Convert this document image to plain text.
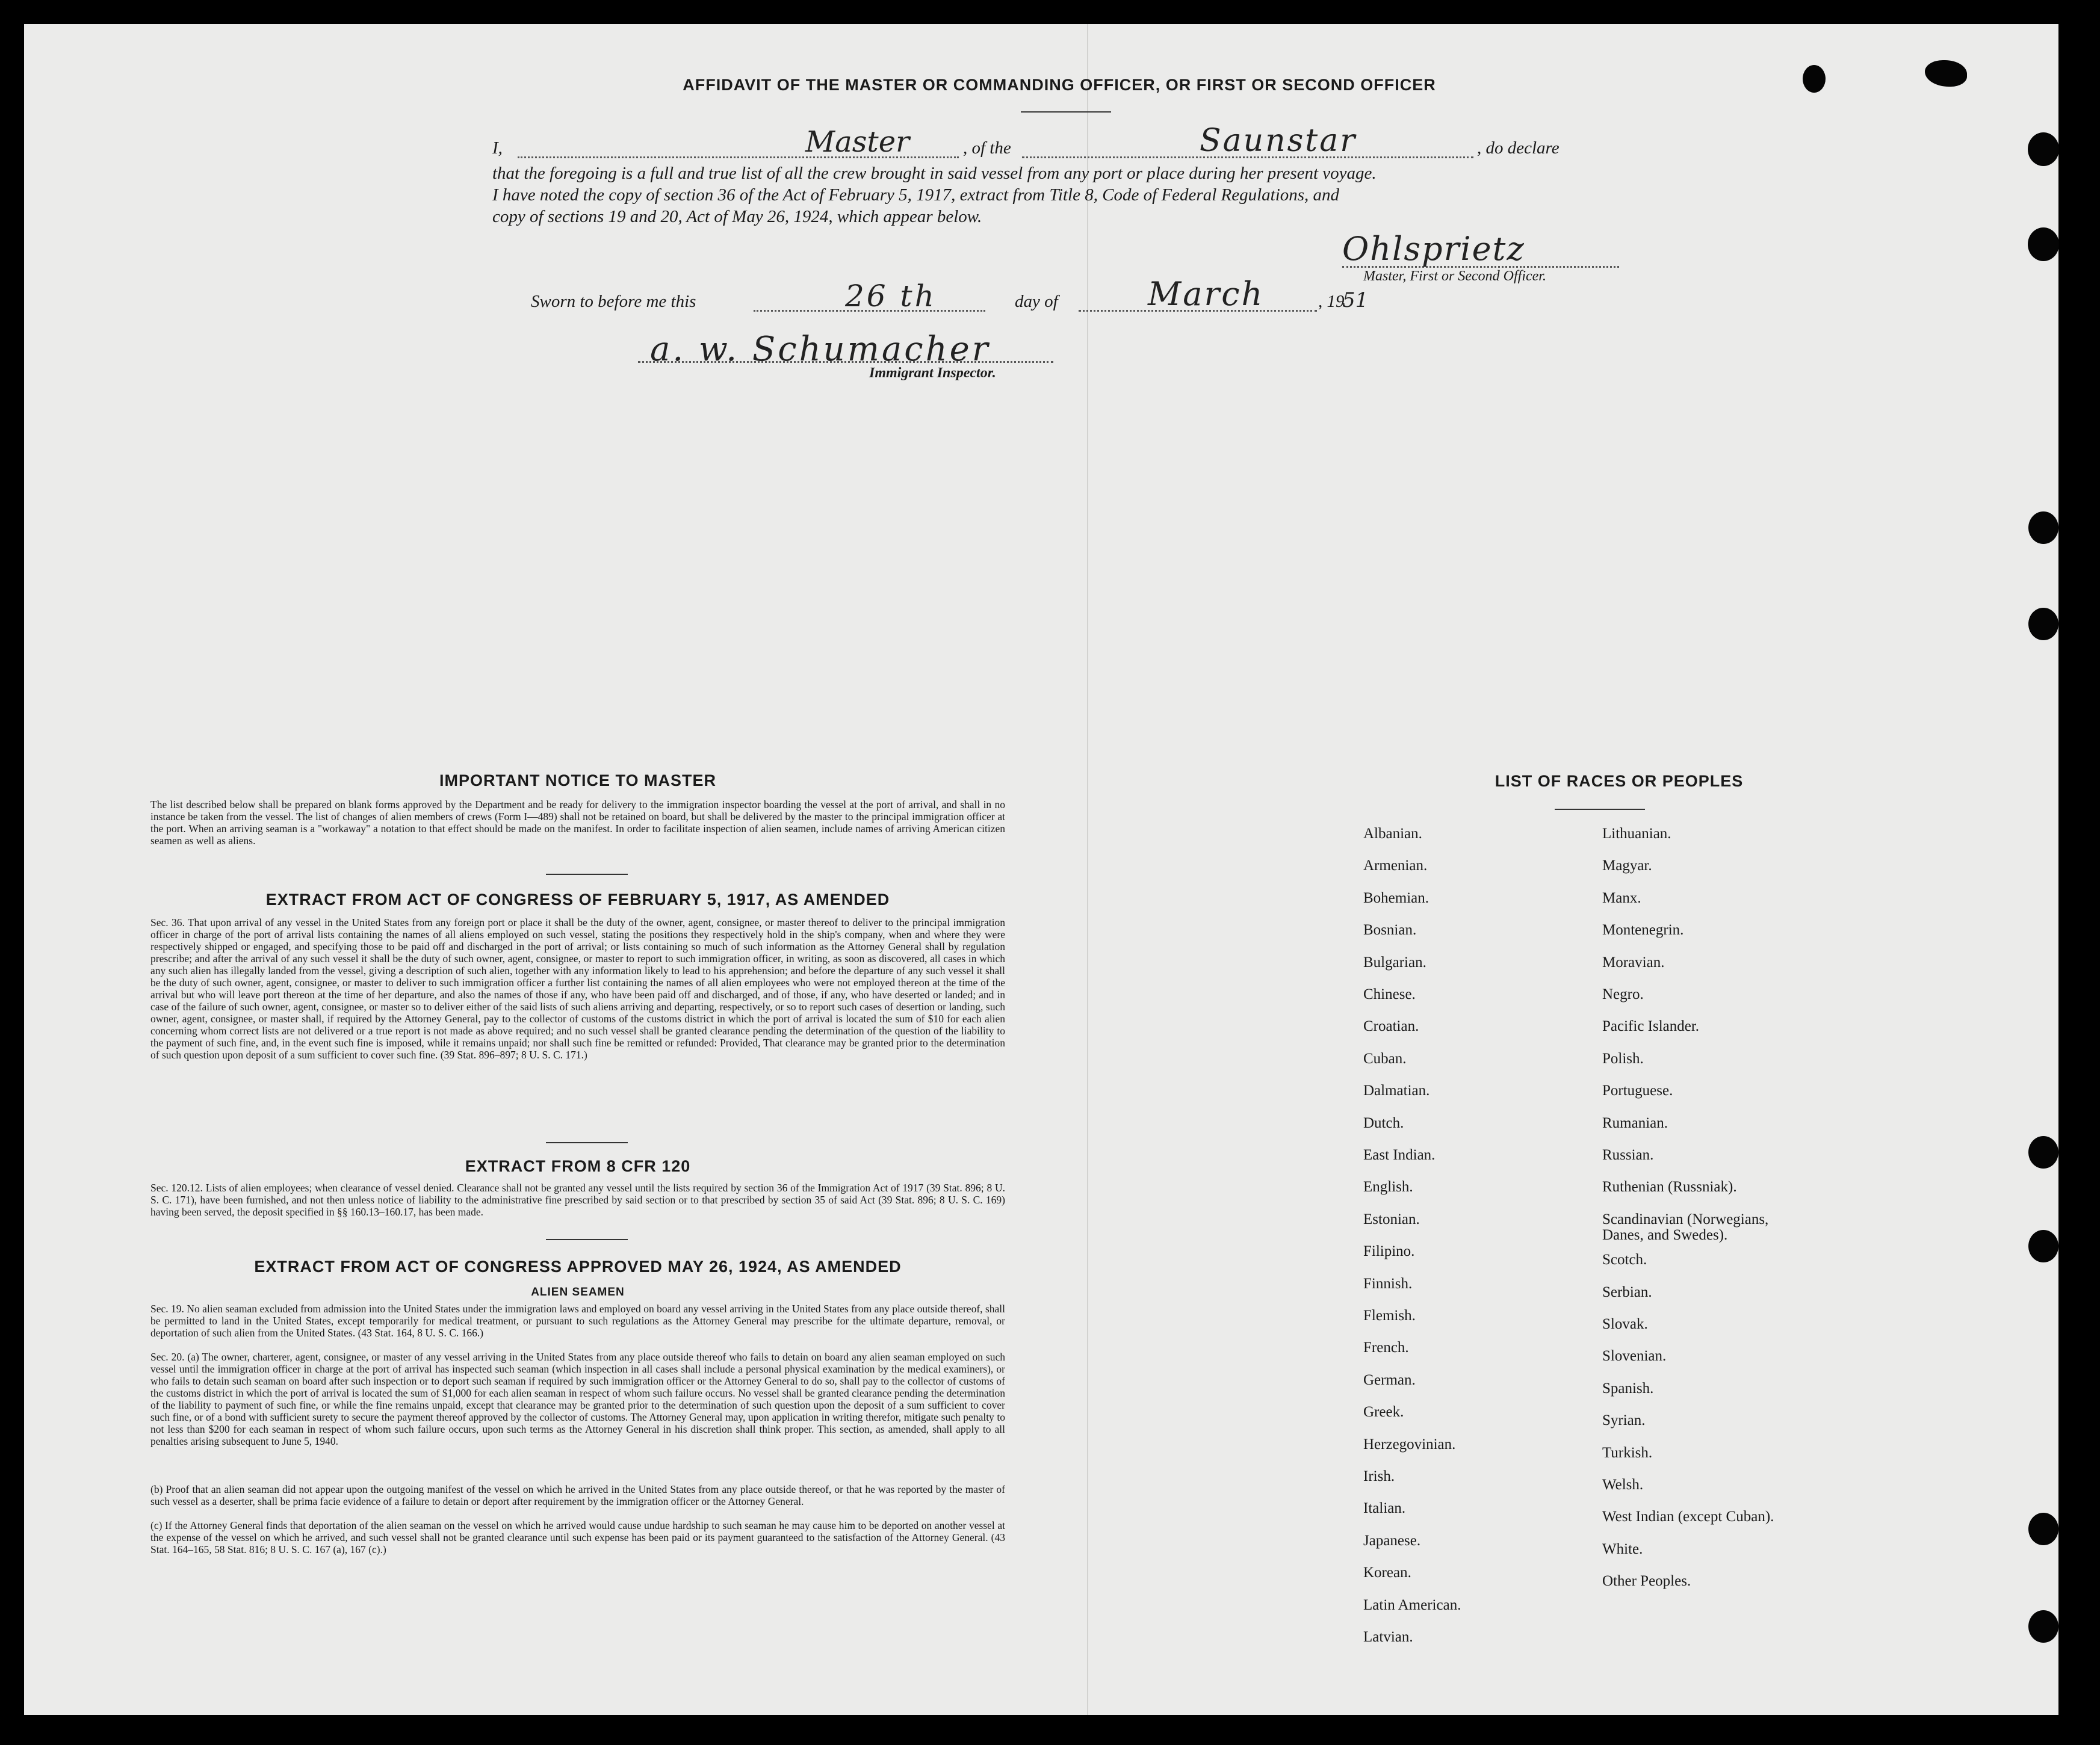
AFFIDAVIT OF THE MASTER OR COMMANDING OFFICER, OR FIRST OR SECOND OFFICER
I,	Master	, of the	Saunstar	, do declare
that the foregoing is a full and true list of all the crew brought in said vessel from any port or place during her present voyage.
I have noted the copy of section 36 of the Act of February 5, 1917, extract from Title 8, Code of Federal Regulations, and
copy of sections 19 and 20, Act of May 26, 1924, which appear below.
Ohlsprietz
Master, First or Second Officer.
Sworn to before me this	26 th	day of	March	, 19
51
a. w. Schumacher
Immigrant Inspector.
IMPORTANT NOTICE TO MASTER
The list described below shall be prepared on blank forms approved by the Department and be ready for delivery to the immigration inspector boarding the vessel at the port of arrival, and shall in no instance be taken from the vessel. The list of changes of alien members of crews (Form I—489) shall not be retained on board, but shall be delivered by the master to the principal immigration officer at the port. When an arriving seaman is a "workaway" a notation to that effect should be made on the manifest. In order to facilitate inspection of alien seamen, include names of arriving American citizen seamen as well as aliens.
EXTRACT FROM ACT OF CONGRESS OF FEBRUARY 5, 1917, AS AMENDED
Sec. 36. That upon arrival of any vessel in the United States from any foreign port or place it shall be the duty of the owner, agent, consignee, or master thereof to deliver to the principal immigration officer in charge of the port of arrival lists containing the names of all aliens employed on such vessel, stating the positions they respectively hold in the ship's company, when and where they were respectively shipped or engaged, and specifying those to be paid off and discharged in the port of arrival; or lists containing so much of such information as the Attorney General shall by regulation prescribe; and after the arrival of any such vessel it shall be the duty of such owner, agent, consignee, or master to report to such immigration officer, in writing, as soon as discovered, all cases in which any such alien has illegally landed from the vessel, giving a description of such alien, together with any information likely to lead to his apprehension; and before the departure of any such vessel it shall be the duty of such owner, agent, consignee, or master to deliver to such immigration officer a further list containing the names of all alien employees who were not employed thereon at the time of the arrival but who will leave port thereon at the time of her departure, and also the names of those if any, who have been paid off and discharged, and of those, if any, who have deserted or landed; and in case of the failure of such owner, agent, consignee, or master so to deliver either of the said lists of such aliens arriving and departing, respectively, or so to report such cases of desertion or landing, such owner, agent, consignee, or master shall, if required by the Attorney General, pay to the collector of customs of the customs district in which the port of arrival is located the sum of $10 for each alien concerning whom correct lists are not delivered or a true report is not made as above required; and no such vessel shall be granted clearance pending the determination of the question of the liability to the payment of such fine, and, in the event such fine is imposed, while it remains unpaid; nor shall such fine be remitted or refunded: Provided, That clearance may be granted prior to the determination of such question upon deposit of a sum sufficient to cover such fine. (39 Stat. 896–897; 8 U. S. C. 171.)
EXTRACT FROM 8 CFR 120
Sec. 120.12. Lists of alien employees; when clearance of vessel denied. Clearance shall not be granted any vessel until the lists required by section 36 of the Immigration Act of 1917 (39 Stat. 896; 8 U. S. C. 171), have been furnished, and not then unless notice of liability to the administrative fine prescribed by said section or to that prescribed by section 35 of said Act (39 Stat. 896; 8 U. S. C. 169) having been served, the deposit specified in §§ 160.13–160.17, has been made.
EXTRACT FROM ACT OF CONGRESS APPROVED MAY 26, 1924, AS AMENDED
ALIEN SEAMEN
Sec. 19. No alien seaman excluded from admission into the United States under the immigration laws and employed on board any vessel arriving in the United States from any place outside thereof, shall be permitted to land in the United States, except temporarily for medical treatment, or pursuant to such regulations as the Attorney General may prescribe for the ultimate departure, removal, or deportation of such alien from the United States. (43 Stat. 164, 8 U. S. C. 166.)
Sec. 20. (a) The owner, charterer, agent, consignee, or master of any vessel arriving in the United States from any place outside thereof who fails to detain on board any alien seaman employed on such vessel until the immigration officer in charge at the port of arrival has inspected such seaman (which inspection in all cases shall include a personal physical examination by the medical examiners), or who fails to detain such seaman on board after such inspection or to deport such seaman if required by such immigration officer or the Attorney General to do so, shall pay to the collector of customs of the customs district in which the port of arrival is located the sum of $1,000 for each alien seaman in respect of whom such failure occurs. No vessel shall be granted clearance pending the determination of the liability to payment of such fine, or while the fine remains unpaid, except that clearance may be granted prior to the determination of such question upon the deposit of a sum sufficient to cover such fine, or of a bond with sufficient surety to secure the payment thereof approved by the collector of customs. The Attorney General may, upon application in writing therefor, mitigate such penalty to not less than $200 for each seaman in respect of whom such failure occurs, upon such terms as the Attorney General in his discretion shall think proper. This section, as amended, shall apply to all penalties arising subsequent to June 5, 1940.
(b) Proof that an alien seaman did not appear upon the outgoing manifest of the vessel on which he arrived in the United States from any place outside thereof, or that he was reported by the master of such vessel as a deserter, shall be prima facie evidence of a failure to detain or deport after requirement by the immigration officer or the Attorney General.
(c) If the Attorney General finds that deportation of the alien seaman on the vessel on which he arrived would cause undue hardship to such seaman he may cause him to be deported on another vessel at the expense of the vessel on which he arrived, and such vessel shall not be granted clearance until such expense has been paid or its payment guaranteed to the satisfaction of the Attorney General. (43 Stat. 164–165, 58 Stat. 816; 8 U. S. C. 167 (a), 167 (c).)
LIST OF RACES OR PEOPLES
Albanian.
Armenian.
Bohemian.
Bosnian.
Bulgarian.
Chinese.
Croatian.
Cuban.
Dalmatian.
Dutch.
East Indian.
English.
Estonian.
Filipino.
Finnish.
Flemish.
French.
German.
Greek.
Herzegovinian.
Irish.
Italian.
Japanese.
Korean.
Latin American.
Latvian.
Lithuanian.
Magyar.
Manx.
Montenegrin.
Moravian.
Negro.
Pacific Islander.
Polish.
Portuguese.
Rumanian.
Russian.
Ruthenian (Russniak).
Scandinavian (Norwegians,
Danes, and Swedes).
Scotch.
Serbian.
Slovak.
Slovenian.
Spanish.
Syrian.
Turkish.
Welsh.
West Indian (except Cuban).
White.
Other Peoples.
